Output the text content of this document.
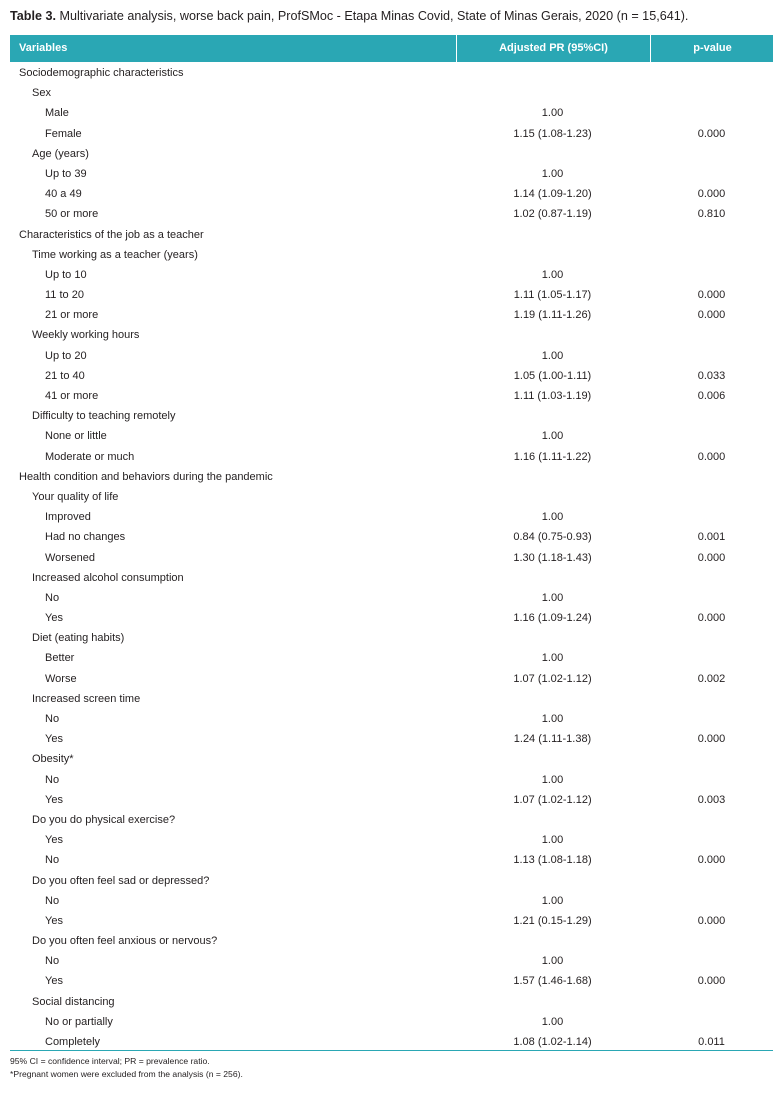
Table 3. Multivariate analysis, worse back pain, ProfSMoc - Etapa Minas Covid, State of Minas Gerais, 2020 (n = 15,641).
Variables	Adjusted PR (95%CI)	p-value
Sociodemographic characteristics
Sex
Male	1.00
Female	1.15 (1.08-1.23)	0.000
Age (years)
Up to 39	1.00
40 a 49	1.14 (1.09-1.20)	0.000
50 or more	1.02 (0.87-1.19)	0.810
Characteristics of the job as a teacher
Time working as a teacher (years)
Up to 10	1.00
11 to 20	1.11 (1.05-1.17)	0.000
21 or more	1.19 (1.11-1.26)	0.000
Weekly working hours
Up to 20	1.00
21 to 40	1.05 (1.00-1.11)	0.033
41 or more	1.11 (1.03-1.19)	0.006
Difficulty to teaching remotely
None or little	1.00
Moderate or much	1.16 (1.11-1.22)	0.000
Health condition and behaviors during the pandemic
Your quality of life
Improved	1.00
Had no changes	0.84 (0.75-0.93)	0.001
Worsened	1.30 (1.18-1.43)	0.000
Increased alcohol consumption
No	1.00
Yes	1.16 (1.09-1.24)	0.000
Diet (eating habits)
Better	1.00
Worse	1.07 (1.02-1.12)	0.002
Increased screen time
No	1.00
Yes	1.24 (1.11-1.38)	0.000
Obesity*
No	1.00
Yes	1.07 (1.02-1.12)	0.003
Do you do physical exercise?
Yes	1.00
No	1.13 (1.08-1.18)	0.000
Do you often feel sad or depressed?
No	1.00
Yes	1.21 (0.15-1.29)	0.000
Do you often feel anxious or nervous?
No	1.00
Yes	1.57 (1.46-1.68)	0.000
Social distancing
No or partially	1.00
Completely	1.08 (1.02-1.14)	0.011
95% CI = confidence interval; PR = prevalence ratio.
*Pregnant women were excluded from the analysis (n = 256).
